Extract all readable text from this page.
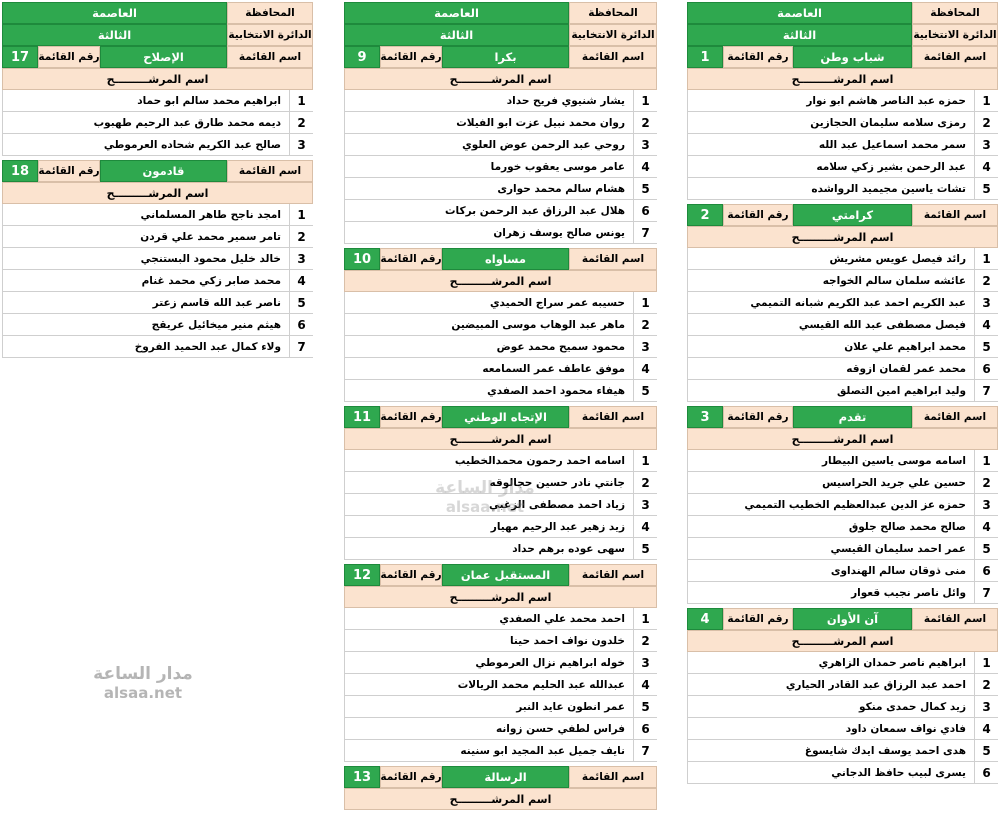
المحافظة
العاصمة
الدائرة الانتخابية
الثالثة
اسم القائمة
شباب وطن
رقم القائمة
1
اسم المرشـــــــــح
1
حمزه عبد الناصر هاشم ابو نوار
2
رمزى سلامه سليمان الحجازين
3
سمر محمد اسماعيل عبد الله
4
عبد الرحمن بشير زكي سلامه
5
تشات ياسين مجيميد الرواشده
اسم القائمة
كرامتي
رقم القائمة
2
اسم المرشـــــــــح
1
رائد فيصل عويس مشريش
2
عائشه سلمان سالم الخواجه
3
عبد الكريم احمد عبد الكريم شبانه التميمي
4
فيصل مصطفى عبد الله القيسي
5
محمد ابراهيم علي علان
6
محمد عمر لقمان ازوقه
7
وليد ابراهيم امين التصلق
اسم القائمة
تقدم
رقم القائمة
3
اسم المرشـــــــــح
1
اسامه موسى ياسين البيطار
2
حسين علي جريد الحراسيس
3
حمزه عز الدين عبدالعظيم الخطيب التميمي
4
صالح محمد صالح جلوق
5
عمر احمد سليمان القيسي
6
منى ذوقان سالم الهنداوى
7
وائل ناصر نجيب قعوار
اسم القائمة
آن الأوان
رقم القائمة
4
اسم المرشـــــــــح
1
ابراهيم ناصر حمدان الزاهري
2
احمد عبد الرزاق عبد القادر الحياري
3
زيد كمال حمدى منكو
4
فادي نواف سمعان داود
5
هدى احمد يوسف ايدك شايسوغ
6
يسرى لبيب حافظ الدجاني
المحافظة
العاصمة
الدائرة الانتخابية
الثالثة
اسم القائمة
بكرا
رقم القائمة
9
اسم المرشـــــــــح
1
يشار شنيوي فريح حداد
2
روان محمد نبيل عزت ابو الفيلات
3
روحي عبد الرحمن عوض العلوي
4
عامر موسى يعقوب خورما
5
هشام سالم محمد حوارى
6
هلال عبد الرزاق عبد الرحمن بركات
7
يونس صالح يوسف زهران
اسم القائمة
مساواه
رقم القائمة
10
اسم المرشـــــــــح
1
حسيبه عمر سراج الحميدي
2
ماهر عبد الوهاب موسى المبيضين
3
محمود سميح محمد عوض
4
موفق عاطف عمر السمامعه
5
هيفاء محمود احمد الصفدي
اسم القائمة
الإتجاه الوطني
رقم القائمة
11
اسم المرشـــــــــح
1
اسامه احمد رحمون محمدالخطيب
2
جانتي نادر حسين حجالوقه
3
زياد احمد مصطفى الزغبي
4
زيد زهير عبد الرحيم مهيار
5
سهى عوده برهم حداد
اسم القائمة
المستقبل عمان
رقم القائمة
12
اسم المرشـــــــــح
1
احمد محمد علي الصفدي
2
خلدون نواف احمد حينا
3
خوله ابراهيم نزال العرموطي
4
عبدالله عبد الحليم محمد الريالات
5
عمر انطون عايد النبر
6
فراس لطفي حسن زوانه
7
نايف جميل عبد المجيد ابو سنينه
اسم القائمة
الرسالة
رقم القائمة
13
اسم المرشـــــــــح
المحافظة
العاصمة
الدائرة الانتخابية
الثالثة
اسم القائمة
الإصلاح
رقم القائمة
17
اسم المرشـــــــــح
1
ابراهيم محمد سالم ابو حماد
2
ديمه محمد طارق عبد الرحيم طهبوب
3
صالح عبد الكريم شحاده العرموطي
اسم القائمة
قادمون
رقم القائمة
18
اسم المرشـــــــــح
1
امجد ناجح طاهر المسلماني
2
تامر سمير محمد علي قردن
3
خالد خليل محمود البستنجي
4
محمد صابر زكي محمد غنام
5
ناصر عبد الله قاسم زعتر
6
هيثم منير ميخائيل عريقج
7
ولاء كمال عبد الحميد الفروخ
مدار الساعة
alsaa.net
مدار الساعة
alsaa.net
